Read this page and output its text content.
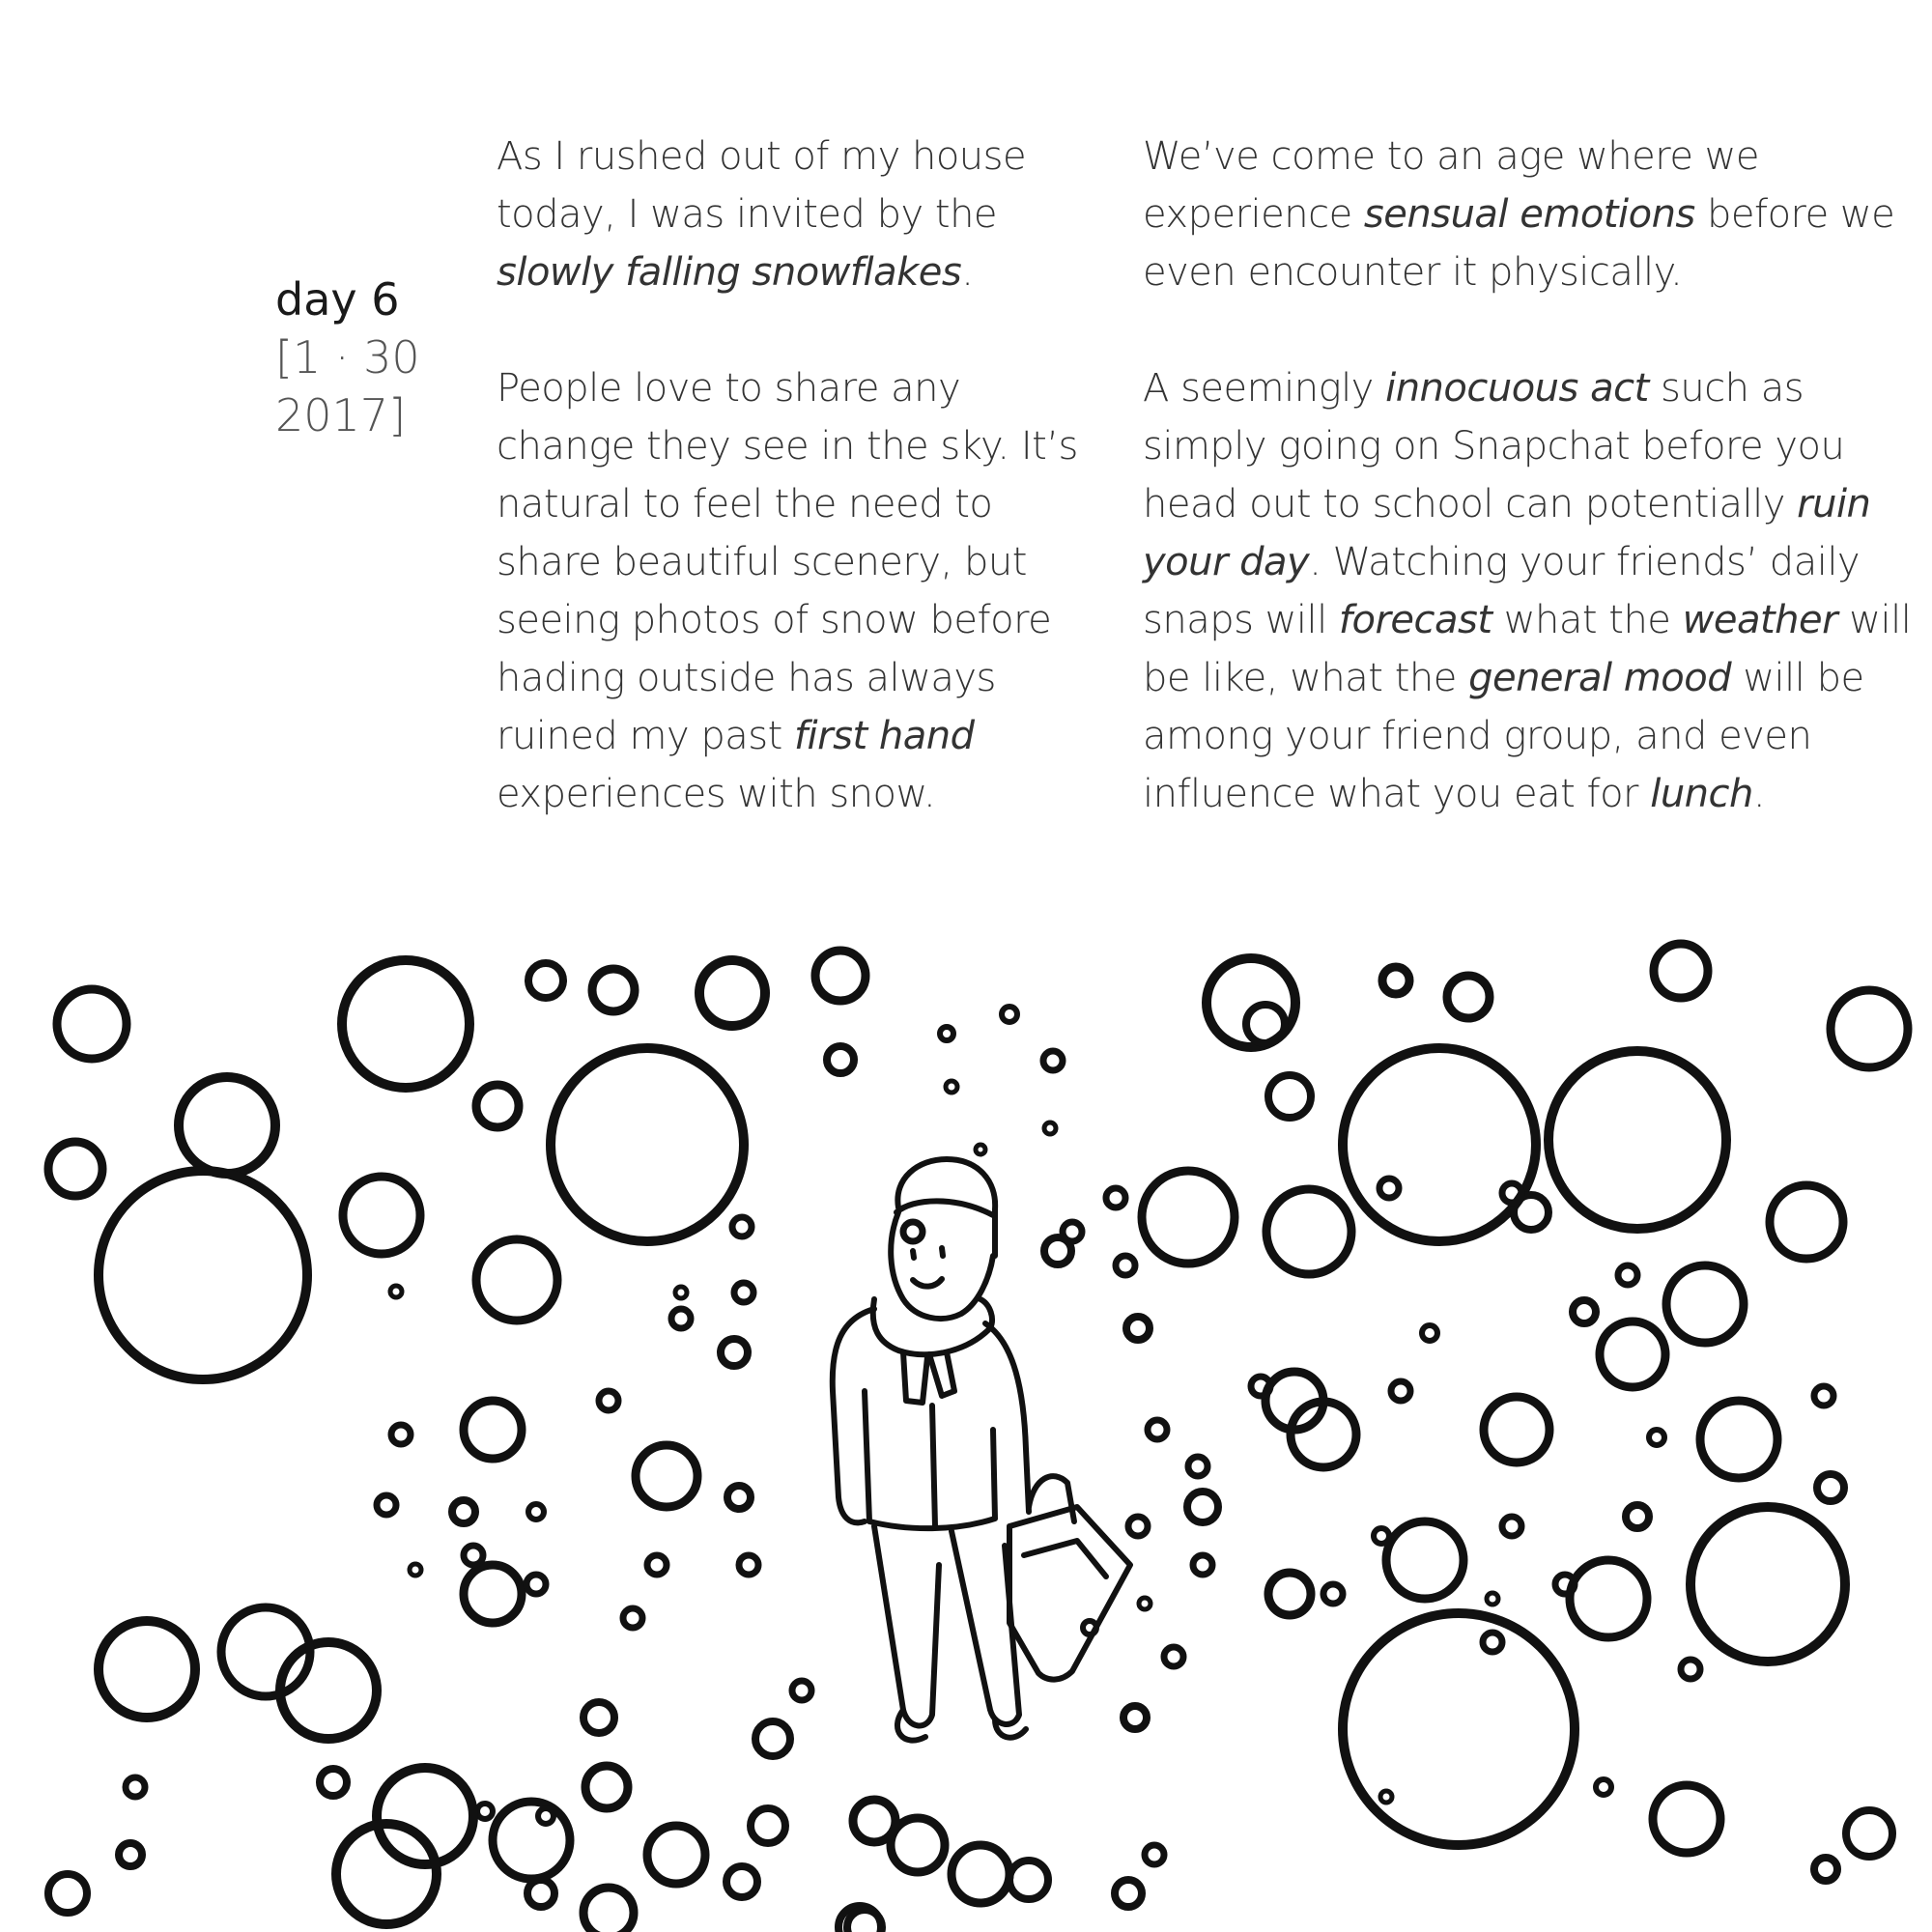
day 6

[1 · 30

2017]

As I rushed out of my house today, I was invited by the slowly falling snowflakes.

People love to share any change they see in the sky. It’s natural to feel the need to share beautiful scenery, but seeing photos of snow before hading outside has always ruined my past first hand experiences with snow.

We’ve come to an age where we experience sensual emotions before we even encounter it physically.

A seemingly innocuous act such as simply going on Snapchat before you head out to school can potentially ruin your day. Watching your friends’ daily snaps will forecast what the weather will be like, what the general mood will be among your friend group, and even influence what you eat for lunch.
